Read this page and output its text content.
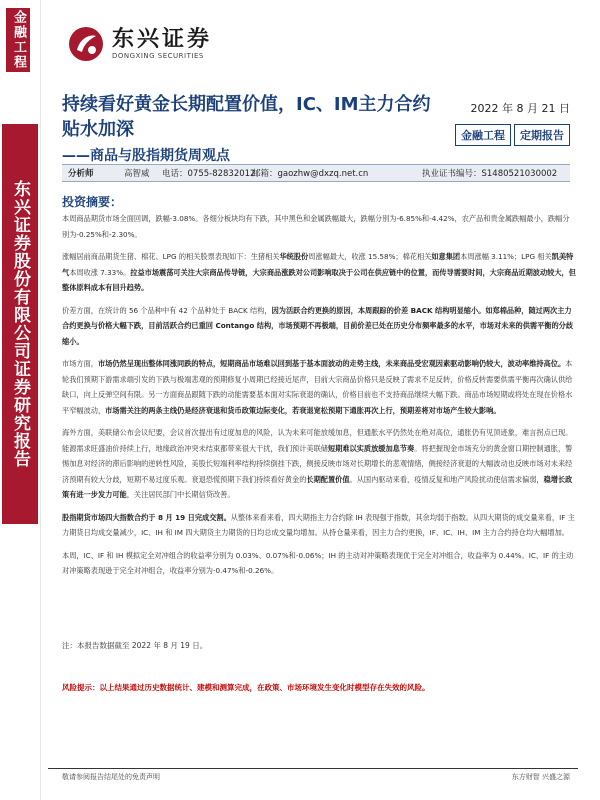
金融工程
东兴证券股份有限公司证券研究报告
东兴证券
DONGXING SECURITIES
持续看好黄金长期配置价值，IC、IM主力合约贴水加深
——商品与股指期货周观点
2022 年 8 月 21 日
金融工程	定期报告
分析师	高智威 电话：0755-82832012
邮箱：gaozhw@dxzq.net.cn	执业证书编号：S1480521030002
投资摘要：

本周商品期货市场全面回调，跌幅-3.08%。各细分板块均有下跌，其中黑色和金属跌幅最大，跌幅分别为-6.85%和-4.42%，农产品和贵金属跌幅最小，跌幅分别为-0.25%和-2.30%。

涨幅居前商品期货生猪、棉花、LPG 的相关股票表现如下：生猪相关华统股份周涨幅最大，收涨 15.58%；棉花相关如意集团本周涨幅 3.11%；LPG 相关凯美特气本周收涨 7.33%。拉益市场震荡可关注大宗商品传导链，大宗商品涨跌对公司影响取决于公司在供应链中的位置，而传导需要时间，大宗商品近期波动较大，但整体原料成本有回升趋势。

价差方面，在统计的 56 个品种中有 42 个品种处于 BACK 结构，因为活跃合约更换的原因，本周跟踪的价差 BACK 结构明显缩小。如郑棉品种，随过两次主力合约更换与价格大幅下跌，目前活跃合约已重回 Contango 结构，市场预期不再极端，目前价差已处在历史分布频率最多的水平，市场对未来的供需平衡的分歧缩小。

市场方面，市场仍然呈现出整体同涨同跌的特点，短期商品市场难以回到基于基本面波动的走势主线，未来商品受宏观因素驱动影响仍较大，波动率维持高位。本轮我们预期下游需求端引发的下跌与极端悲观的预期修复小周期已经接近尾声，目前大宗商品价格只是反映了需求不足反转，价格反转需要供需平衡再次确认供给缺口，向上反弹空间有限。另一方面商品跟随下跌的动能需要基本面对实际衰退的确认，价格目前也不支持商品继续大幅下跌。商品市场短期或将处在现在价格水平窄幅波动，市场需关注的两条主线仍是经济衰退和货币政策边际变化，若衰退宽松预期下通胀再次上行，预期差将对市场产生较大影响。

海外方面，美联储公布会议纪要，会议首次提出有过度加息的风险，认为未来可能放缓加息，但通胀水平仍然处在绝对高位，通胀仍有见顶迹象，难言拐点已现。能源需求旺盛油价持续上行，地缘政治冲突未结束都带来很大干扰，我们预计美联储短期难以实质放缓加息节奏。将把握现金市场充分的黄金窗口期控制通胀，警惕加息对经济的滞后影响的逆转性风险，美股长短端利率结构持续倒挂下跌，侧接反映市场对长期增长的悲观情绪，侧接经济衰退的大幅波动也反映市场对未来经济预期有较大分歧，短期不易过度乐观。衰退恐慌预期下我们持续看好黄金的长期配置价值。从国内驱动来看，疫情反复和地产风险扰动使信需求偏弱，稳增长政策有进一步发力可能，关注居民部门中长期信贷改善。

股指期货市场四大指数合约于 8 月 19 日完成交割。从整体来看来看，四大期指主力合约除 IH 表现强于指数，其余均弱于指数。从四大期货的成交量来看，IF 主力期货日均成交量减少，IC、IH 和 IM 四大期货主力期货的日均总成交量均增加。从持仓量来看，因主力合约更换，IF、IC、IH、IM 主力合约持仓均大幅增加。

本周，IC、IF 和 IH 模拟定全对冲组合的收益率分别为 0.03%、0.07%和-0.06%；IH 的主动对冲策略表现优于完全对冲组合，收益率为 0.44%。IC、IF 的主动对冲策略表现逊于完全对冲组合，收益率分别为-0.47%和-0.26%。

注：本报告数据截至 2022 年 8 月 19 日。
风险提示：以上结果通过历史数据统计、建模和测算完成，在政策、市场环境发生变化时模型存在失效的风险。
敬请参阅报告结尾处的免责声明	东方财智 兴盛之源
